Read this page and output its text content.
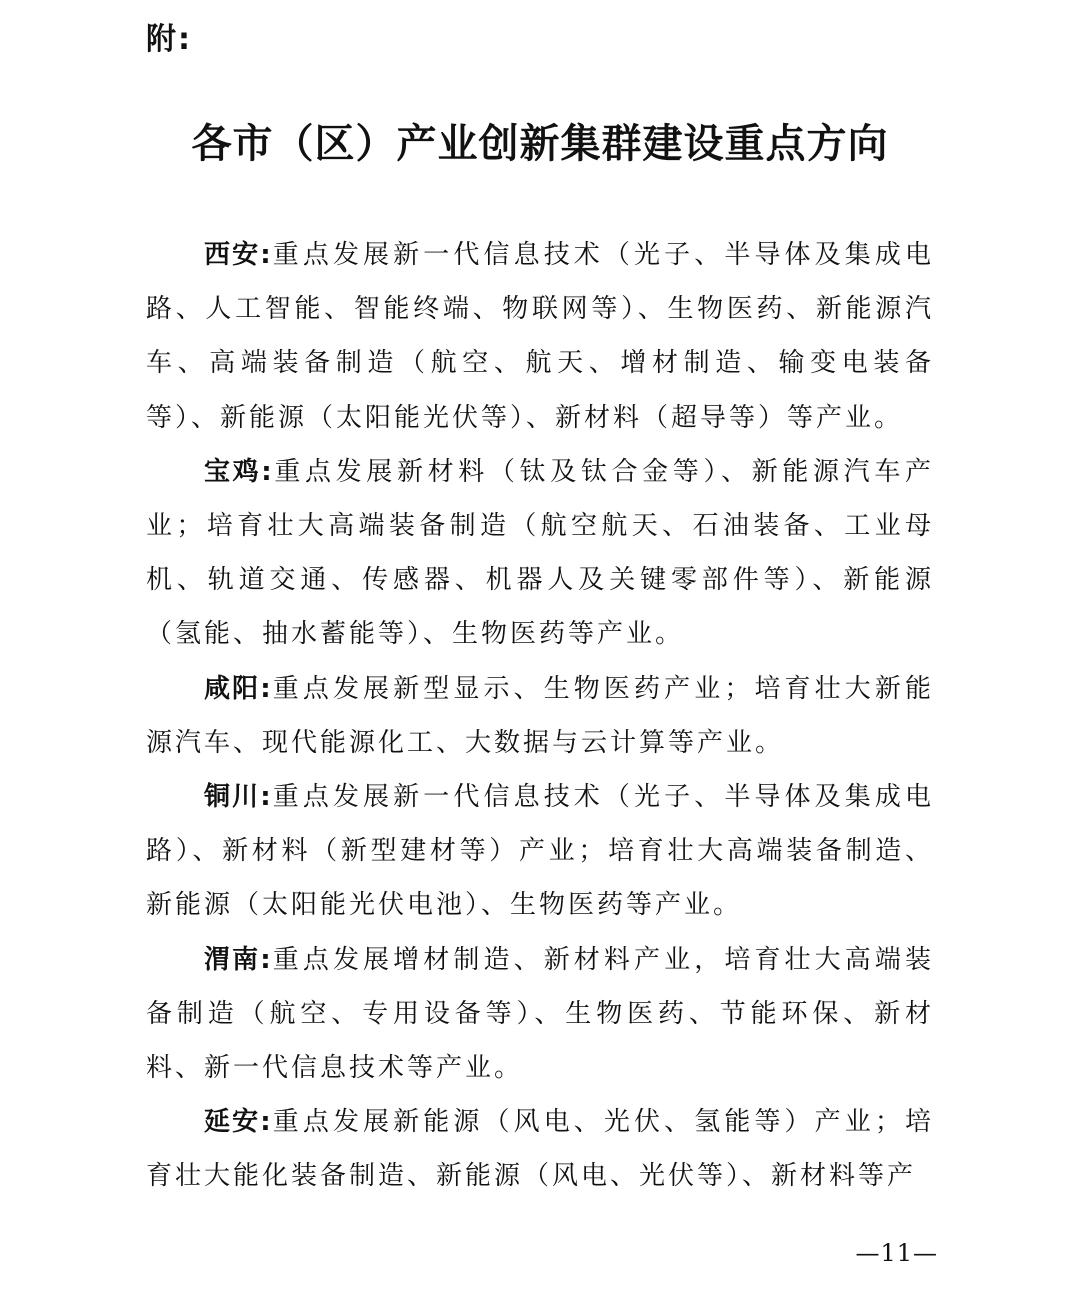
附:
各市（区）产业创新集群建设重点方向

西安:重点发展新一代信息技术（光子、半导体及集成电路、人工智能、智能终端、物联网等）、生物医药、新能源汽车、高端装备制造（航空、航天、增材制造、输变电装备等）、新能源（太阳能光伏等）、新材料（超导等）等产业。

宝鸡:重点发展新材料（钛及钛合金等）、新能源汽车产业；培育壮大高端装备制造（航空航天、石油装备、工业母机、轨道交通、传感器、机器人及关键零部件等）、新能源（氢能、抽水蓄能等）、生物医药等产业。

咸阳:重点发展新型显示、生物医药产业；培育壮大新能源汽车、现代能源化工、大数据与云计算等产业。

铜川:重点发展新一代信息技术（光子、半导体及集成电路）、新材料（新型建材等）产业；培育壮大高端装备制造、新能源（太阳能光伏电池）、生物医药等产业。

渭南:重点发展增材制造、新材料产业，培育壮大高端装备制造（航空、专用设备等）、生物医药、节能环保、新材料、新一代信息技术等产业。

延安:重点发展新能源（风电、光伏、氢能等）产业；培育壮大能化装备制造、新能源（风电、光伏等）、新材料等产

—11—
